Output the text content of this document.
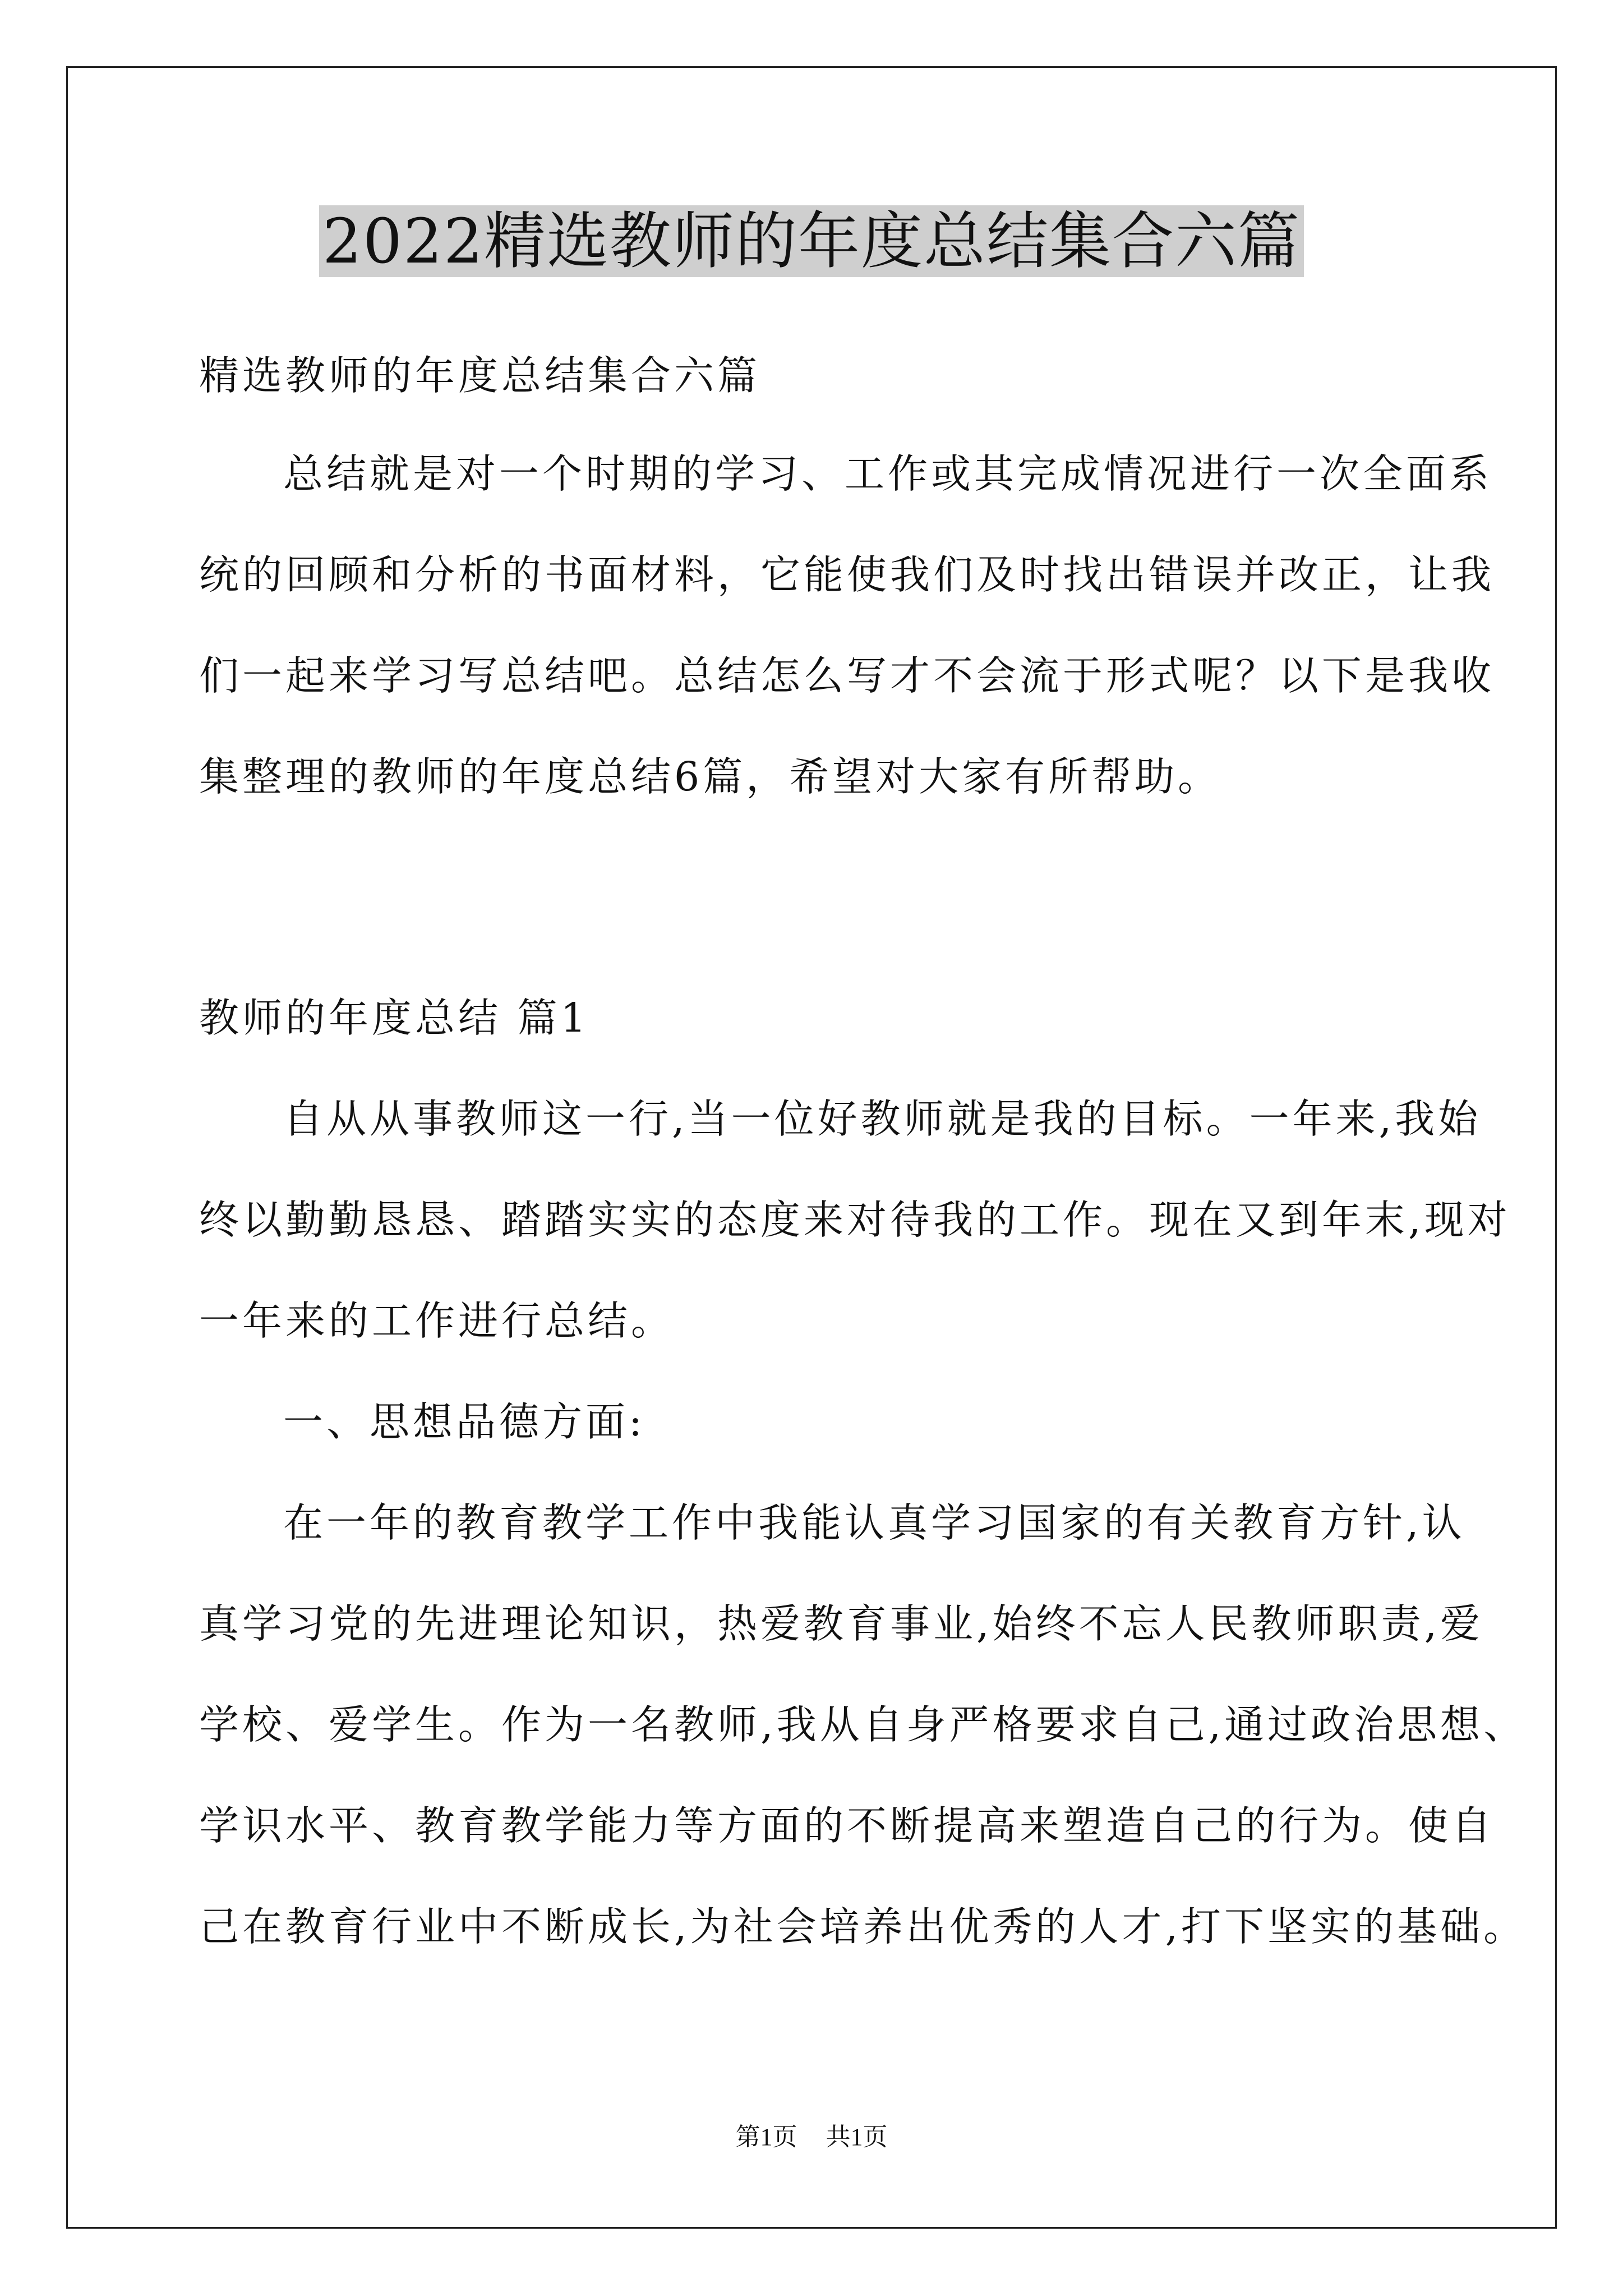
2022精选教师的年度总结集合六篇
精选教师的年度总结集合六篇
总结就是对一个时期的学习、工作或其完成情况进行一次全面系
统的回顾和分析的书面材料，它能使我们及时找出错误并改正，让我
们一起来学习写总结吧。总结怎么写才不会流于形式呢？以下是我收
集整理的教师的年度总结6篇，希望对大家有所帮助。
教师的年度总结 篇1
自从从事教师这一行,当一位好教师就是我的目标。一年来,我始
终以勤勤恳恳、踏踏实实的态度来对待我的工作。现在又到年末,现对
一年来的工作进行总结。
一、思想品德方面:
在一年的教育教学工作中我能认真学习国家的有关教育方针,认
真学习党的先进理论知识，热爱教育事业,始终不忘人民教师职责,爱
学校、爱学生。作为一名教师,我从自身严格要求自己,通过政治思想、
学识水平、教育教学能力等方面的不断提高来塑造自己的行为。使自
己在教育行业中不断成长,为社会培养出优秀的人才,打下坚实的基础。
第1页 共1页
